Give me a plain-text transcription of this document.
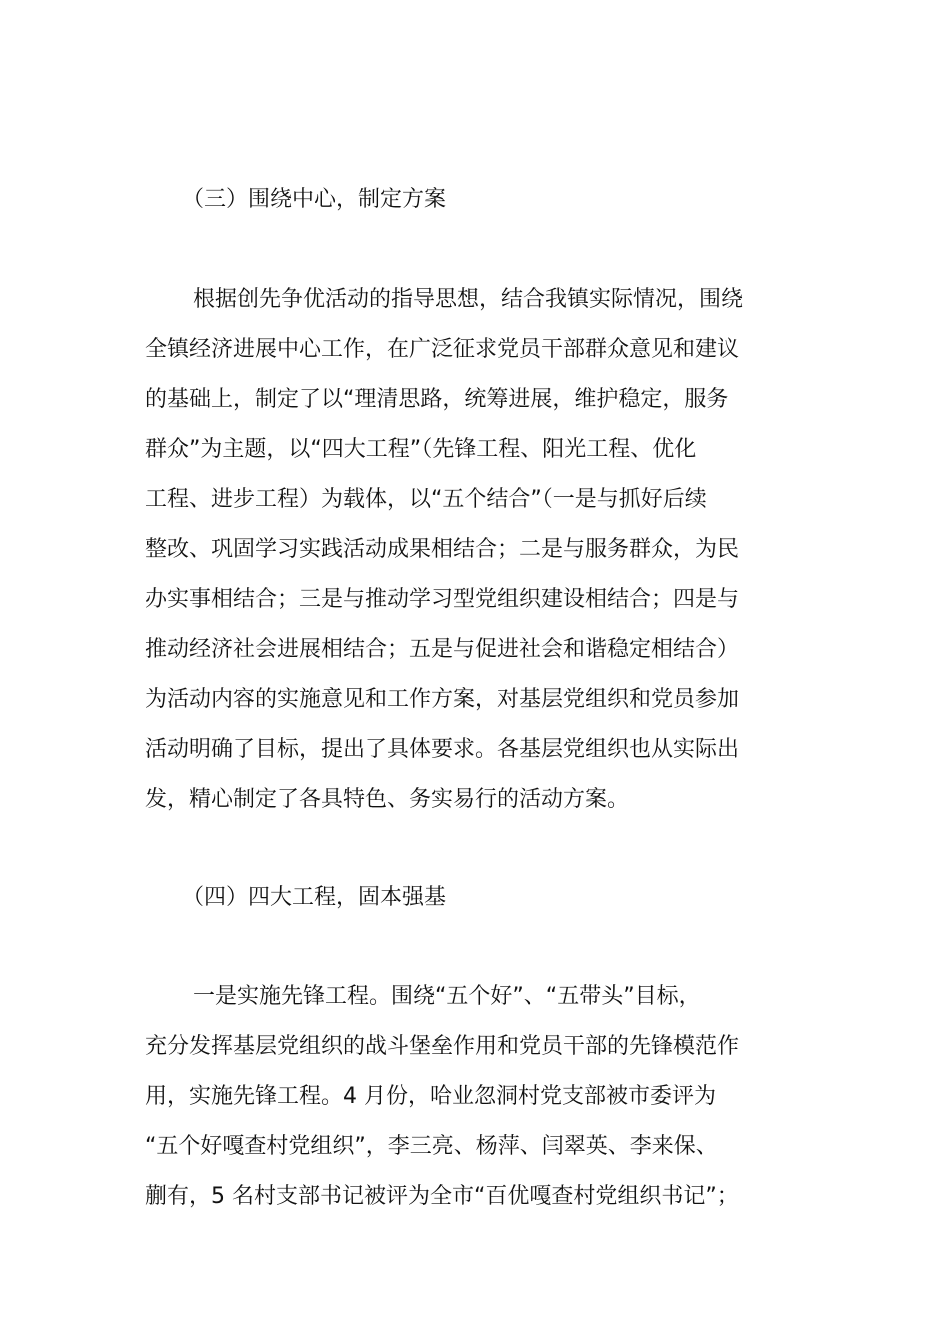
（三）围绕中心，制定方案
根据创先争优活动的指导思想，结合我镇实际情况，围绕
全镇经济进展中心工作，在广泛征求党员干部群众意见和建议
的基础上，制定了以“理清思路，统筹进展，维护稳定，服务
群众”为主题，以“四大工程”（先锋工程、阳光工程、优化
工程、进步工程）为载体，以“五个结合”（一是与抓好后续
整改、巩固学习实践活动成果相结合；二是与服务群众，为民
办实事相结合；三是与推动学习型党组织建设相结合；四是与
推动经济社会进展相结合；五是与促进社会和谐稳定相结合）
为活动内容的实施意见和工作方案，对基层党组织和党员参加
活动明确了目标，提出了具体要求。各基层党组织也从实际出
发，精心制定了各具特色、务实易行的活动方案。
（四）四大工程，固本强基
一是实施先锋工程。围绕“五个好”、“五带头”目标，
充分发挥基层党组织的战斗堡垒作用和党员干部的先锋模范作
用，实施先锋工程。4 月份，哈业忽洞村党支部被市委评为
“五个好嘎查村党组织”，李三亮、杨萍、闫翠英、李来保、
蒯有，5 名村支部书记被评为全市“百优嘎查村党组织书记”；
